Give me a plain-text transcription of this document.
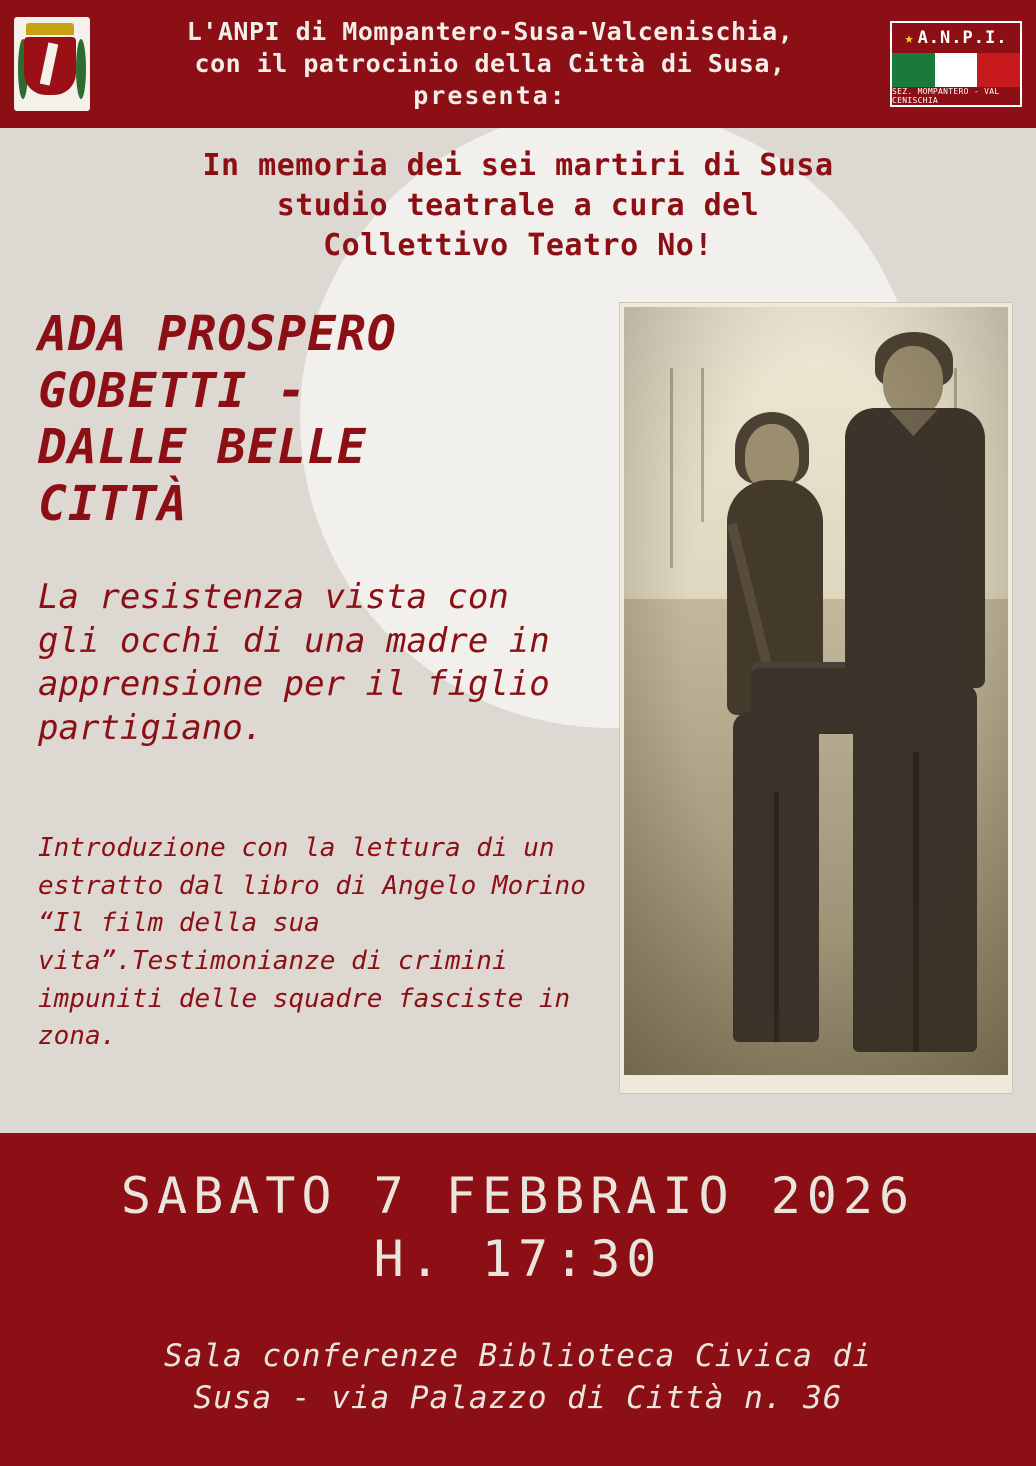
L'ANPI di Mompantero-Susa-Valcenischia,
con il patrocinio della Città di Susa,
presenta:
★ A.N.P.I.
SEZ. MOMPANTERO - VAL CENISCHIA
In memoria dei sei martiri di Susa
studio teatrale a cura del
Collettivo Teatro No!
ADA PROSPERO
GOBETTI -
DALLE BELLE
CITTÀ
La resistenza vista con gli occhi di una madre in apprensione per il figlio partigiano.
Introduzione con la lettura di un estratto dal libro di Angelo Morino “Il film della sua vita”.Testimonianze di crimini impuniti delle squadre fasciste in zona.
SABATO 7 FEBBRAIO 2026
H. 17:30
Sala conferenze Biblioteca Civica di
Susa - via Palazzo di Città n. 36
